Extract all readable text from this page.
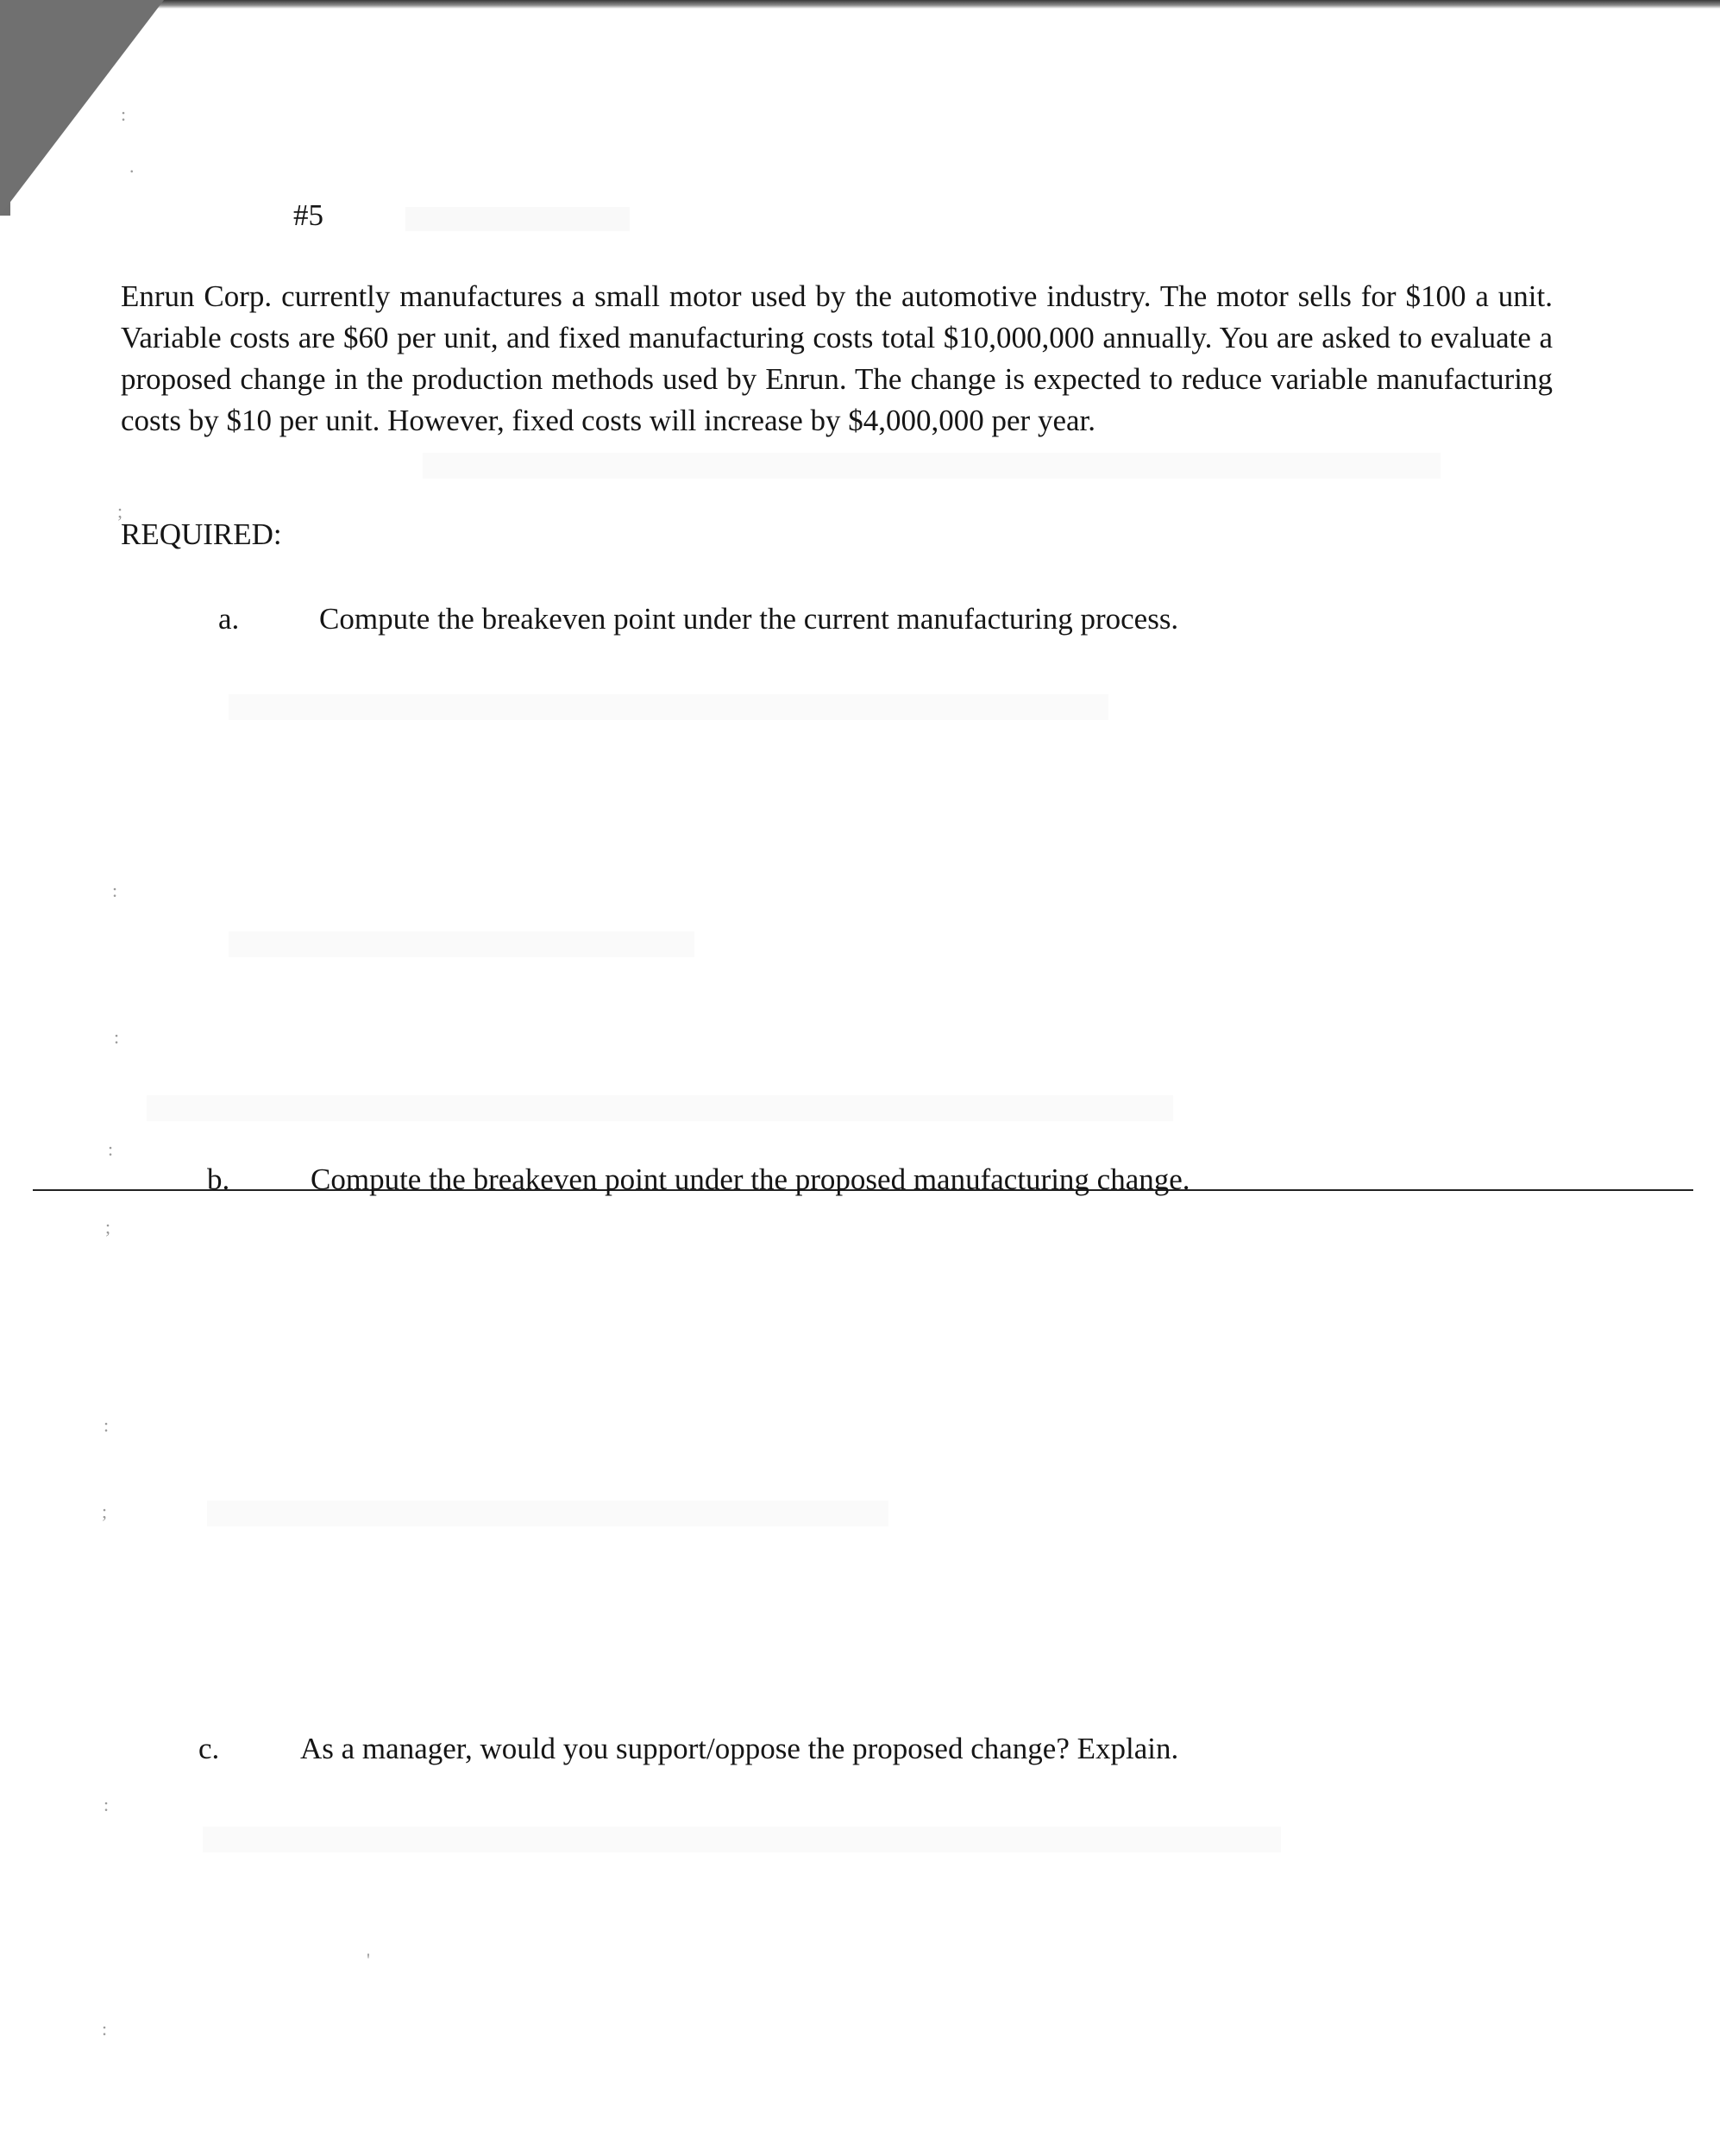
:
.
;
:
:
:
;
:
;
:
:
'
#5
Enrun Corp. currently manufactures a small motor used by the automotive industry. The motor sells for $100 a unit. Variable costs are $60 per unit, and fixed manufacturing costs total $10,000,000 annually. You are asked to evaluate a proposed change in the production methods used by Enrun. The change is expected to reduce variable manufacturing costs by $10 per unit. However, fixed costs will increase by $4,000,000 per year.
REQUIRED:
a.	Compute the breakeven point under the current manufacturing process.
b.	Compute the breakeven point under the proposed manufacturing change.
c.	As a manager, would you support/oppose the proposed change? Explain.
